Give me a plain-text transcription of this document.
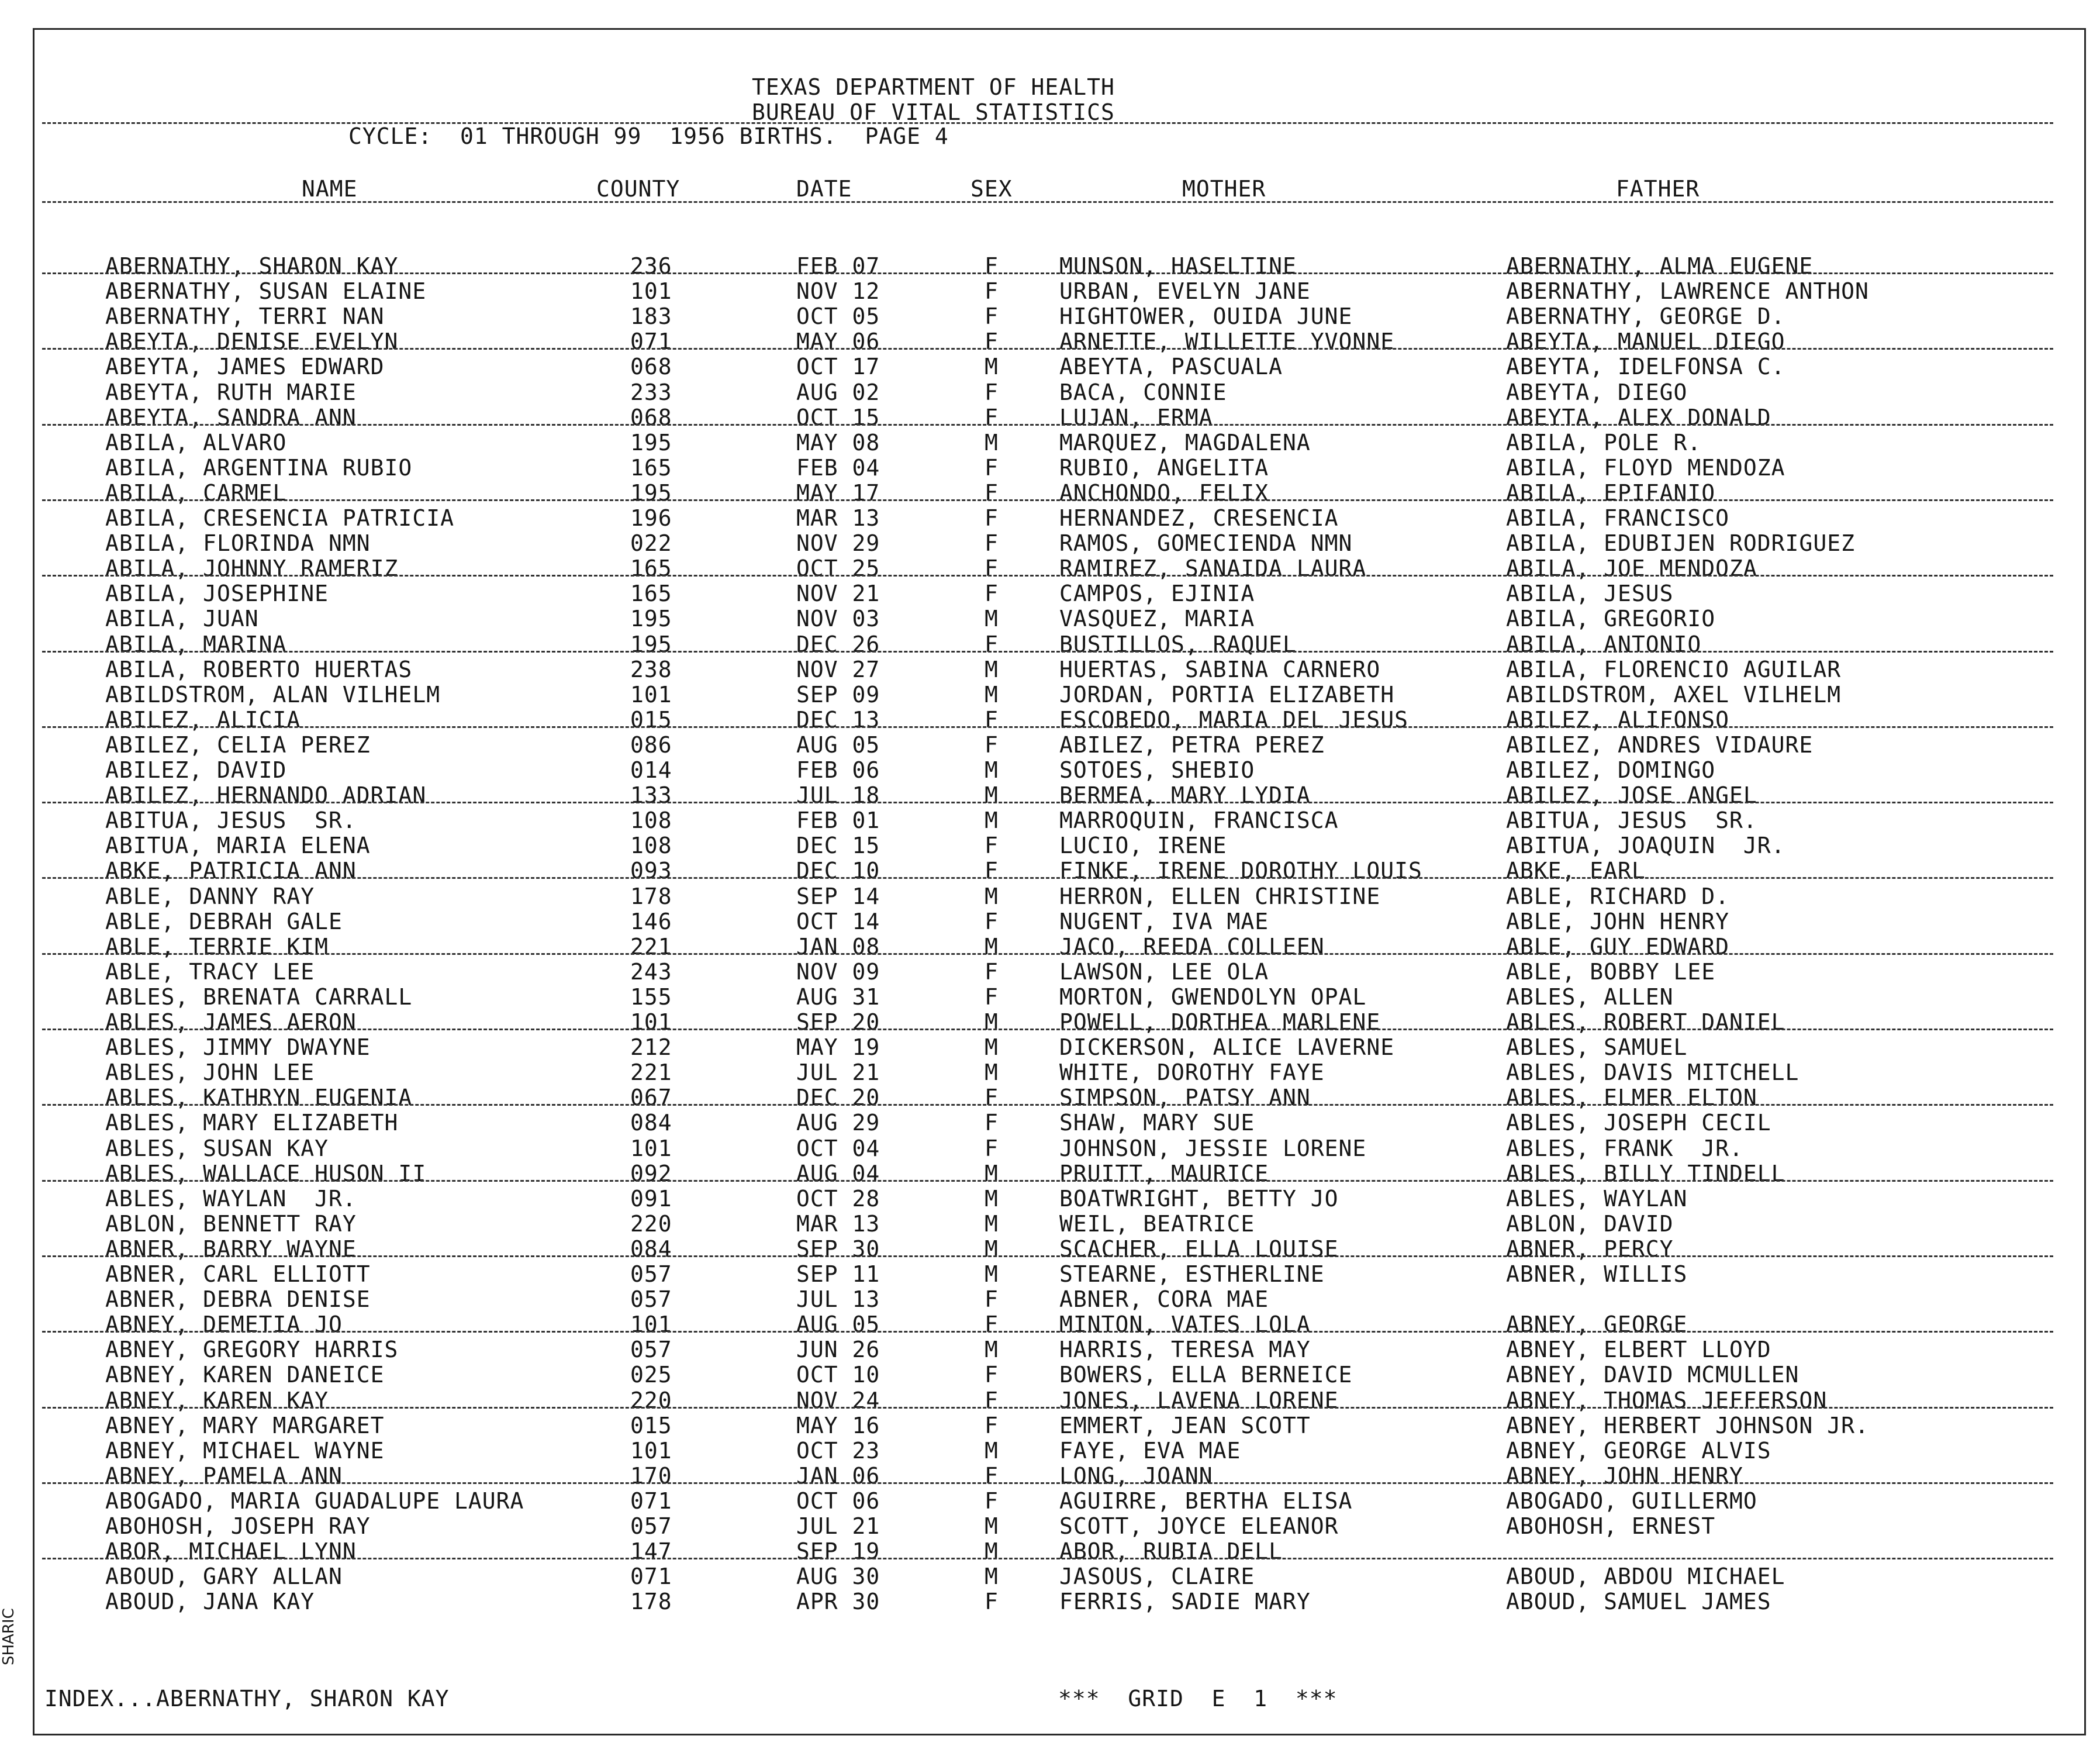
TEXAS DEPARTMENT OF HEALTH
BUREAU OF VITAL STATISTICS
CYCLE:  01 THROUGH 99  1956 BIRTHS.  PAGE 4
NAME	COUNTY	DATE	SEX	MOTHER	FATHER
ABERNATHY, SHARON KAY	236	FEB 07	F	MUNSON, HASELTINE	ABERNATHY, ALMA EUGENE
ABERNATHY, SUSAN ELAINE	101	NOV 12	F	URBAN, EVELYN JANE	ABERNATHY, LAWRENCE ANTHON
ABERNATHY, TERRI NAN	183	OCT 05	F	HIGHTOWER, OUIDA JUNE	ABERNATHY, GEORGE D.
ABEYTA, DENISE EVELYN	071	MAY 06	F	ARNETTE, WILLETTE YVONNE	ABEYTA, MANUEL DIEGO
ABEYTA, JAMES EDWARD	068	OCT 17	M	ABEYTA, PASCUALA	ABEYTA, IDELFONSA C.
ABEYTA, RUTH MARIE	233	AUG 02	F	BACA, CONNIE	ABEYTA, DIEGO
ABEYTA, SANDRA ANN	068	OCT 15	F	LUJAN, ERMA	ABEYTA, ALEX DONALD
ABILA, ALVARO	195	MAY 08	M	MARQUEZ, MAGDALENA	ABILA, POLE R.
ABILA, ARGENTINA RUBIO	165	FEB 04	F	RUBIO, ANGELITA	ABILA, FLOYD MENDOZA
ABILA, CARMEL	195	MAY 17	F	ANCHONDO, FELIX	ABILA, EPIFANIO
ABILA, CRESENCIA PATRICIA	196	MAR 13	F	HERNANDEZ, CRESENCIA	ABILA, FRANCISCO
ABILA, FLORINDA NMN	022	NOV 29	F	RAMOS, GOMECIENDA NMN	ABILA, EDUBIJEN RODRIGUEZ
ABILA, JOHNNY RAMERIZ	165	OCT 25	F	RAMIREZ, SANAIDA LAURA	ABILA, JOE MENDOZA
ABILA, JOSEPHINE	165	NOV 21	F	CAMPOS, EJINIA	ABILA, JESUS
ABILA, JUAN	195	NOV 03	M	VASQUEZ, MARIA	ABILA, GREGORIO
ABILA, MARINA	195	DEC 26	F	BUSTILLOS, RAQUEL	ABILA, ANTONIO
ABILA, ROBERTO HUERTAS	238	NOV 27	M	HUERTAS, SABINA CARNERO	ABILA, FLORENCIO AGUILAR
ABILDSTROM, ALAN VILHELM	101	SEP 09	M	JORDAN, PORTIA ELIZABETH	ABILDSTROM, AXEL VILHELM
ABILEZ, ALICIA	015	DEC 13	F	ESCOBEDO, MARIA DEL JESUS	ABILEZ, ALIFONSO
ABILEZ, CELIA PEREZ	086	AUG 05	F	ABILEZ, PETRA PEREZ	ABILEZ, ANDRES VIDAURE
ABILEZ, DAVID	014	FEB 06	M	SOTOES, SHEBIO	ABILEZ, DOMINGO
ABILEZ, HERNANDO ADRIAN	133	JUL 18	M	BERMEA, MARY LYDIA	ABILEZ, JOSE ANGEL
ABITUA, JESUS  SR.	108	FEB 01	M	MARROQUIN, FRANCISCA	ABITUA, JESUS  SR.
ABITUA, MARIA ELENA	108	DEC 15	F	LUCIO, IRENE	ABITUA, JOAQUIN  JR.
ABKE, PATRICIA ANN	093	DEC 10	F	FINKE, IRENE DOROTHY LOUIS	ABKE, EARL
ABLE, DANNY RAY	178	SEP 14	M	HERRON, ELLEN CHRISTINE	ABLE, RICHARD D.
ABLE, DEBRAH GALE	146	OCT 14	F	NUGENT, IVA MAE	ABLE, JOHN HENRY
ABLE, TERRIE KIM	221	JAN 08	M	JACO, REEDA COLLEEN	ABLE, GUY EDWARD
ABLE, TRACY LEE	243	NOV 09	F	LAWSON, LEE OLA	ABLE, BOBBY LEE
ABLES, BRENATA CARRALL	155	AUG 31	F	MORTON, GWENDOLYN OPAL	ABLES, ALLEN
ABLES, JAMES AERON	101	SEP 20	M	POWELL, DORTHEA MARLENE	ABLES, ROBERT DANIEL
ABLES, JIMMY DWAYNE	212	MAY 19	M	DICKERSON, ALICE LAVERNE	ABLES, SAMUEL
ABLES, JOHN LEE	221	JUL 21	M	WHITE, DOROTHY FAYE	ABLES, DAVIS MITCHELL
ABLES, KATHRYN EUGENIA	067	DEC 20	F	SIMPSON, PATSY ANN	ABLES, ELMER ELTON
ABLES, MARY ELIZABETH	084	AUG 29	F	SHAW, MARY SUE	ABLES, JOSEPH CECIL
ABLES, SUSAN KAY	101	OCT 04	F	JOHNSON, JESSIE LORENE	ABLES, FRANK  JR.
ABLES, WALLACE HUSON II	092	AUG 04	M	PRUITT, MAURICE	ABLES, BILLY TINDELL
ABLES, WAYLAN  JR.	091	OCT 28	M	BOATWRIGHT, BETTY JO	ABLES, WAYLAN
ABLON, BENNETT RAY	220	MAR 13	M	WEIL, BEATRICE	ABLON, DAVID
ABNER, BARRY WAYNE	084	SEP 30	M	SCACHER, ELLA LOUISE	ABNER, PERCY
ABNER, CARL ELLIOTT	057	SEP 11	M	STEARNE, ESTHERLINE	ABNER, WILLIS
ABNER, DEBRA DENISE	057	JUL 13	F	ABNER, CORA MAE
ABNEY, DEMETIA JO	101	AUG 05	F	MINTON, VATES LOLA	ABNEY, GEORGE
ABNEY, GREGORY HARRIS	057	JUN 26	M	HARRIS, TERESA MAY	ABNEY, ELBERT LLOYD
ABNEY, KAREN DANEICE	025	OCT 10	F	BOWERS, ELLA BERNEICE	ABNEY, DAVID MCMULLEN
ABNEY, KAREN KAY	220	NOV 24	F	JONES, LAVENA LORENE	ABNEY, THOMAS JEFFERSON
ABNEY, MARY MARGARET	015	MAY 16	F	EMMERT, JEAN SCOTT	ABNEY, HERBERT JOHNSON JR.
ABNEY, MICHAEL WAYNE	101	OCT 23	M	FAYE, EVA MAE	ABNEY, GEORGE ALVIS
ABNEY, PAMELA ANN	170	JAN 06	F	LONG, JOANN	ABNEY, JOHN HENRY
ABOGADO, MARIA GUADALUPE LAURA	071	OCT 06	F	AGUIRRE, BERTHA ELISA	ABOGADO, GUILLERMO
ABOHOSH, JOSEPH RAY	057	JUL 21	M	SCOTT, JOYCE ELEANOR	ABOHOSH, ERNEST
ABOR, MICHAEL LYNN	147	SEP 19	M	ABOR, RUBIA DELL
ABOUD, GARY ALLAN	071	AUG 30	M	JASOUS, CLAIRE	ABOUD, ABDOU MICHAEL
ABOUD, JANA KAY	178	APR 30	F	FERRIS, SADIE MARY	ABOUD, SAMUEL JAMES
INDEX...ABERNATHY, SHARON KAY	***  GRID  E  1  ***
SHARIC
